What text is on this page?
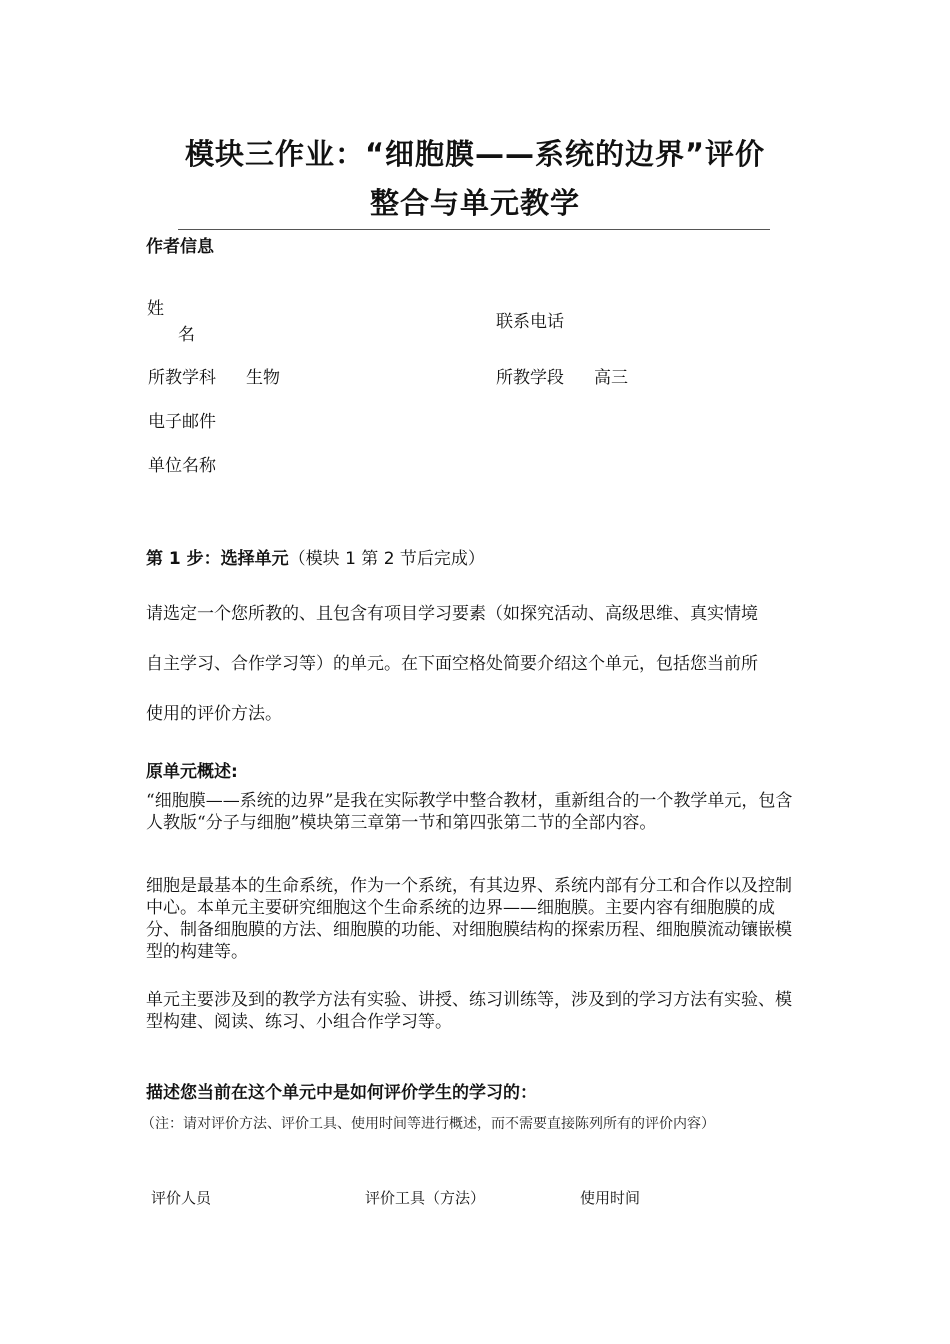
模块三作业：“细胞膜——系统的边界”评价
整合与单元教学
作者信息
姓
名
联系电话
所教学科 生物	所教学段 高三
电子邮件
单位名称
第 1 步：选择单元（模块 1 第 2 节后完成）
请选定一个您所教的、且包含有项目学习要素（如探究活动、高级思维、真实情境
自主学习、合作学习等）的单元。在下面空格处简要介绍这个单元，包括您当前所
使用的评价方法。
原单元概述:
“细胞膜——系统的边界”是我在实际教学中整合教材，重新组合的一个教学单元，包含人教版“分子与细胞”模块第三章第一节和第四张第二节的全部内容。
细胞是最基本的生命系统，作为一个系统，有其边界、系统内部有分工和合作以及控制中心。本单元主要研究细胞这个生命系统的边界——细胞膜。主要内容有细胞膜的成分、制备细胞膜的方法、细胞膜的功能、对细胞膜结构的探索历程、细胞膜流动镶嵌模型的构建等。
单元主要涉及到的教学方法有实验、讲授、练习训练等，涉及到的学习方法有实验、模型构建、阅读、练习、小组合作学习等。
描述您当前在这个单元中是如何评价学生的学习的：
（注：请对评价方法、评价工具、使用时间等进行概述，而不需要直接陈列所有的评价内容）
评价人员	评价工具（方法）	使用时间
